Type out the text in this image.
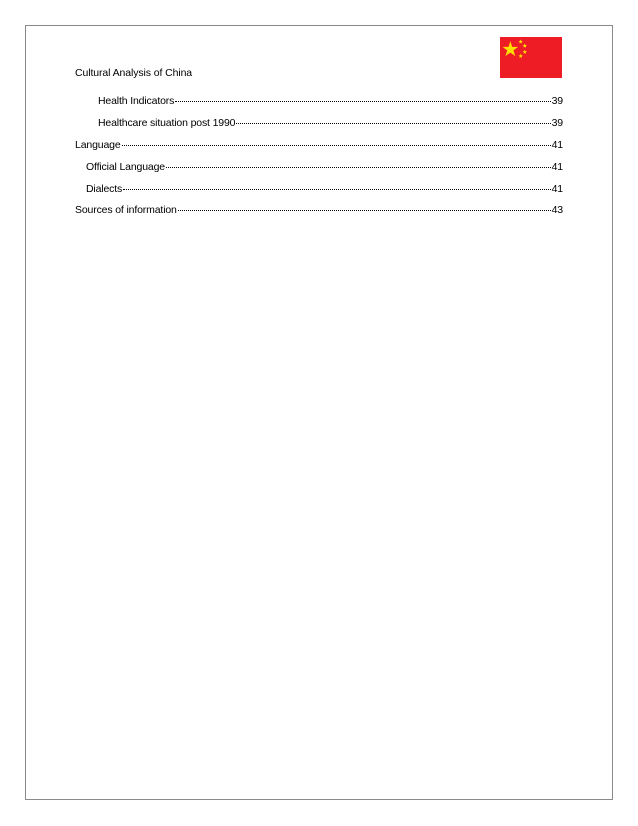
Cultural Analysis of China
Health Indicators	39
Healthcare situation post 1990	39
Language	41
Official Language	41
Dialects	41
Sources of information	43
